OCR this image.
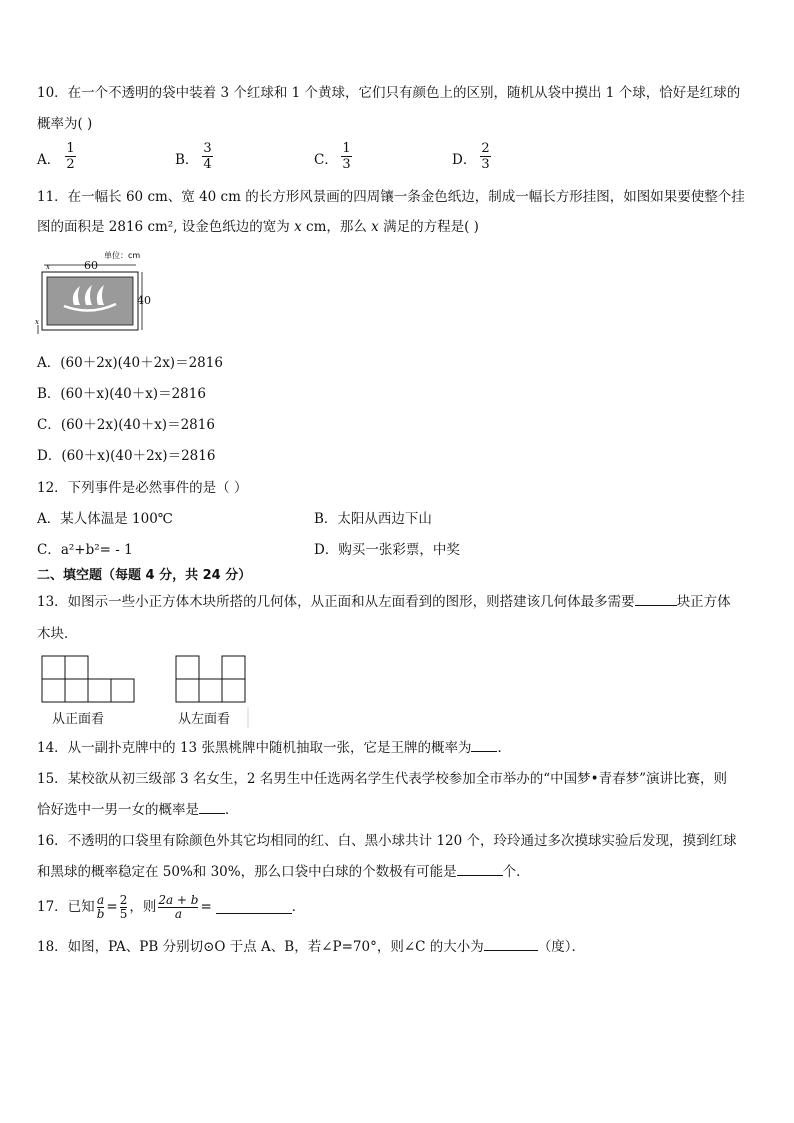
10．在一个不透明的袋中装着 3 个红球和 1 个黄球，它们只有颜色上的区别，随机从袋中摸出 1 个球，恰好是红球的
概率为( )
A．
1
2	B．
3
4	C．
1
3	D．
2
3
11．在一幅长 60 cm、宽 40 cm 的长方形风景画的四周镶一条金色纸边，制成一幅长方形挂图，如图如果要使整个挂
图的面积是 2816 cm², 设金色纸边的宽为 x cm，那么 x 满足的方程是( )
单位：cm
60
x
40
x
A．(60＋2x)(40＋2x)＝2816
B．(60＋x)(40＋x)＝2816
C．(60＋2x)(40＋x)＝2816
D．(60＋x)(40＋2x)＝2816
12．下列事件是必然事件的是（ ）
A．某人体温是 100℃	B．太阳从西边下山
C．a²+b²= - 1	D．购买一张彩票，中奖
二、填空题（每题 4 分，共 24 分）
13．如图示一些小正方体木块所搭的几何体，从正面和从左面看到的图形，则搭建该几何体最多需要	块正方体
木块．
从正面看	从左面看
14．从一副扑克牌中的 13 张黑桃牌中随机抽取一张，它是王牌的概率为 ．
15．某校欲从初三级部 3 名女生，2 名男生中任选两名学生代表学校参加全市举办的“中国梦•青春梦”演讲比赛，则
恰好选中一男一女的概率是 ．
16．不透明的口袋里有除颜色外其它均相同的红、白、黑小球共计 120 个，玲玲通过多次摸球实验后发现，摸到红球
和黑球的概率稳定在 50%和 30%，那么口袋中白球的个数极有可能是	个．
17．已知 a
b = 2
5 ，则 2a + b
a =	．
18．如图，PA、PB 分别切⊙O 于点 A、B，若∠P=70°，则∠C 的大小为	（度）．
